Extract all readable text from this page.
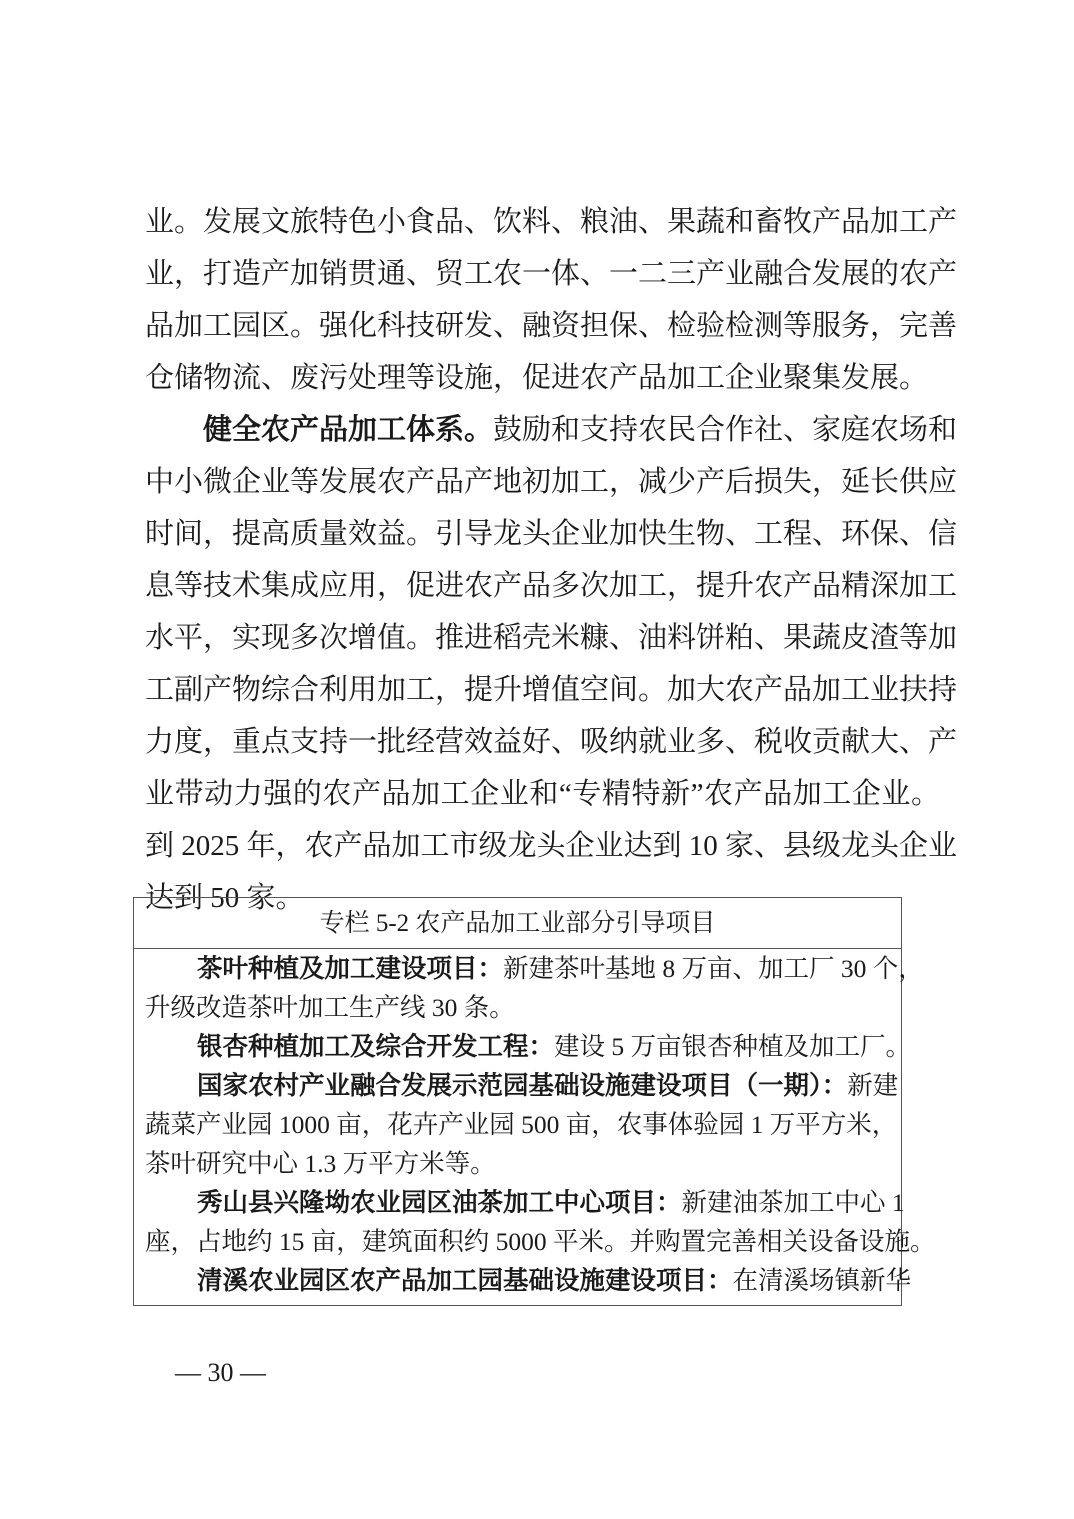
业。发展文旅特色小食品、饮料、粮油、果蔬和畜牧产品加工产
业，打造产加销贯通、贸工农一体、一二三产业融合发展的农产
品加工园区。强化科技研发、融资担保、检验检测等服务，完善
仓储物流、废污处理等设施，促进农产品加工企业聚集发展。
健全农产品加工体系。鼓励和支持农民合作社、家庭农场和
中小微企业等发展农产品产地初加工，减少产后损失，延长供应
时间，提高质量效益。引导龙头企业加快生物、工程、环保、信
息等技术集成应用，促进农产品多次加工，提升农产品精深加工
水平，实现多次增值。推进稻壳米糠、油料饼粕、果蔬皮渣等加
工副产物综合利用加工，提升增值空间。加大农产品加工业扶持
力度，重点支持一批经营效益好、吸纳就业多、税收贡献大、产
业带动力强的农产品加工企业和“专精特新”农产品加工企业。
到 2025 年，农产品加工市级龙头企业达到 10 家、县级龙头企业
达到 50 家。
专栏 5-2 农产品加工业部分引导项目
茶叶种植及加工建设项目：新建茶叶基地 8 万亩、加工厂 30 个，
升级改造茶叶加工生产线 30 条。
银杏种植加工及综合开发工程：建设 5 万亩银杏种植及加工厂。
国家农村产业融合发展示范园基础设施建设项目（一期）：新建
蔬菜产业园 1000 亩，花卉产业园 500 亩，农事体验园 1 万平方米，
茶叶研究中心 1.3 万平方米等。
秀山县兴隆坳农业园区油茶加工中心项目：新建油茶加工中心 1
座，占地约 15 亩，建筑面积约 5000 平米。并购置完善相关设备设施。
清溪农业园区农产品加工园基础设施建设项目：在清溪场镇新华
— 30 —
